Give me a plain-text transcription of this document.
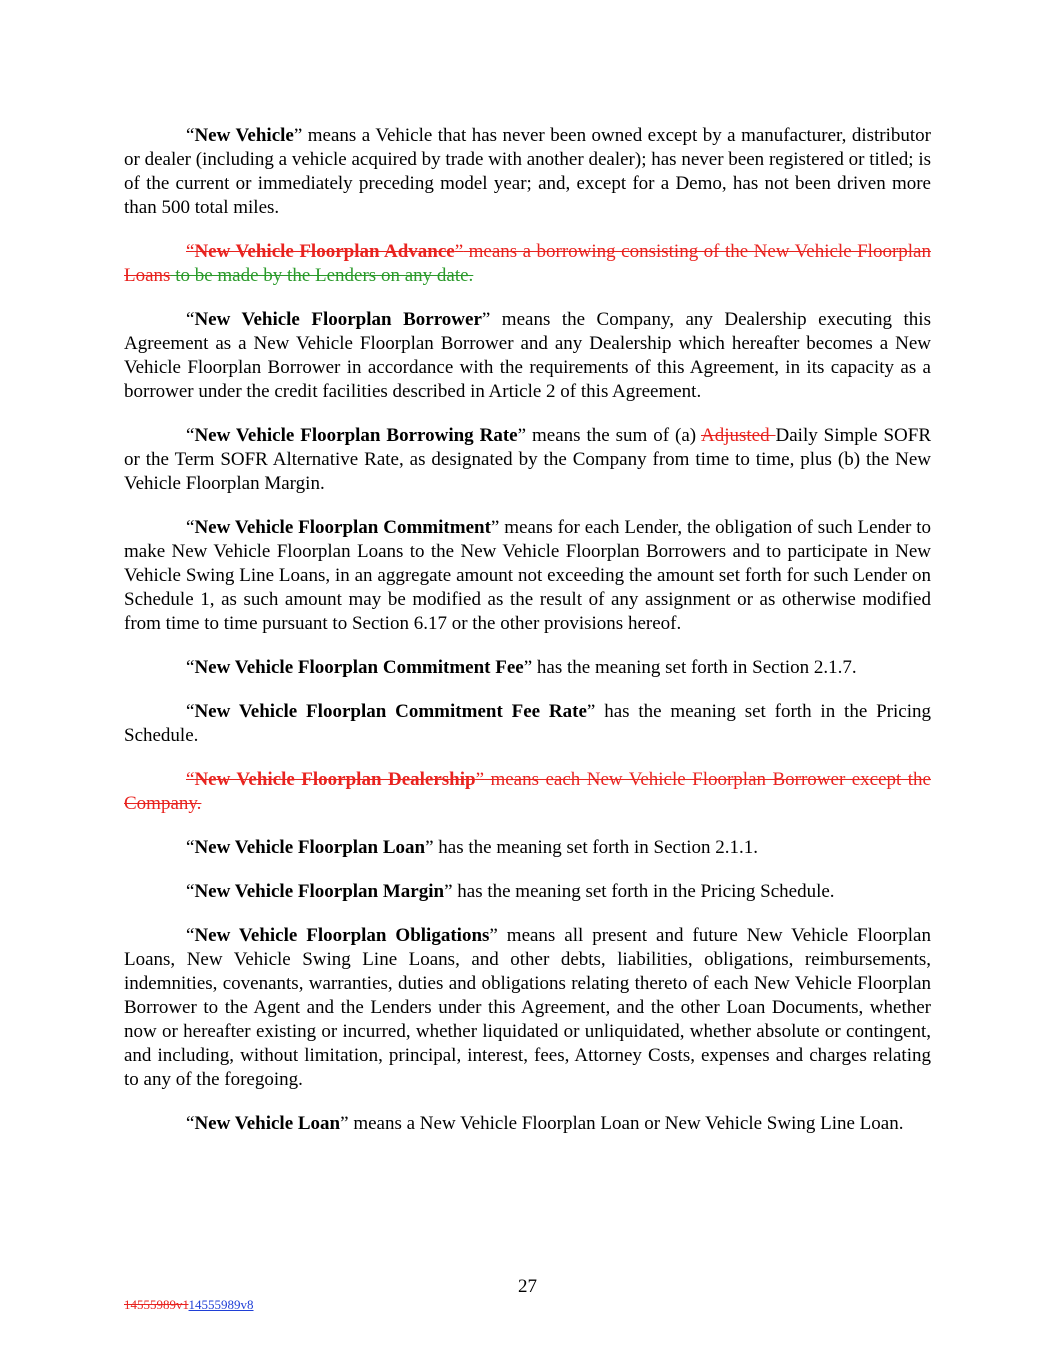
“New Vehicle” means a Vehicle that has never been owned except by a manufacturer, distributor or dealer (including a vehicle acquired by trade with another dealer); has never been registered or titled; is of the current or immediately preceding model year; and, except for a Demo, has not been driven more than 500 total miles.

“New Vehicle Floorplan Advance” means a borrowing consisting of the New Vehicle Floorplan Loans to be made by the Lenders on any date.

“New Vehicle Floorplan Borrower” means the Company, any Dealership executing this Agreement as a New Vehicle Floorplan Borrower and any Dealership which hereafter becomes a New Vehicle Floorplan Borrower in accordance with the requirements of this Agreement, in its capacity as a borrower under the credit facilities described in Article 2 of this Agreement.

“New Vehicle Floorplan Borrowing Rate” means the sum of (a) Adjusted Daily Simple SOFR or the Term SOFR Alternative Rate, as designated by the Company from time to time, plus (b) the New Vehicle Floorplan Margin.

“New Vehicle Floorplan Commitment” means for each Lender, the obligation of such Lender to make New Vehicle Floorplan Loans to the New Vehicle Floorplan Borrowers and to participate in New Vehicle Swing Line Loans, in an aggregate amount not exceeding the amount set forth for such Lender on Schedule 1, as such amount may be modified as the result of any assignment or as otherwise modified from time to time pursuant to Section 6.17 or the other provisions hereof.

“New Vehicle Floorplan Commitment Fee” has the meaning set forth in Section 2.1.7.

“New Vehicle Floorplan Commitment Fee Rate” has the meaning set forth in the Pricing Schedule.

“New Vehicle Floorplan Dealership” means each New Vehicle Floorplan Borrower except the Company.

“New Vehicle Floorplan Loan” has the meaning set forth in Section 2.1.1.

“New Vehicle Floorplan Margin” has the meaning set forth in the Pricing Schedule.

“New Vehicle Floorplan Obligations” means all present and future New Vehicle Floorplan Loans, New Vehicle Swing Line Loans, and other debts, liabilities, obligations, reimbursements, indemnities, covenants, warranties, duties and obligations relating thereto of each New Vehicle Floorplan Borrower to the Agent and the Lenders under this Agreement, and the other Loan Documents, whether now or hereafter existing or incurred, whether liquidated or unliquidated, whether absolute or contingent, and including, without limitation, principal, interest, fees, Attorney Costs, expenses and charges relating to any of the foregoing.

“New Vehicle Loan” means a New Vehicle Floorplan Loan or New Vehicle Swing Line Loan.

27
14555989v114555989v8
